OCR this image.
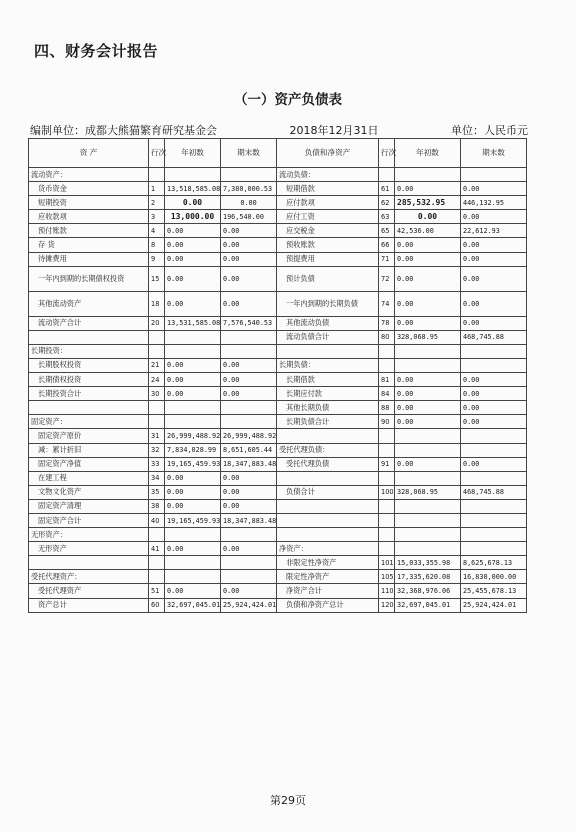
四、财务会计报告
（一）资产负债表
编制单位：成都大熊猫繁育研究基金会	2018年12月31日	单位：人民币元
资 产	行次	年初数	期末数	负债和净资产	行次	年初数	期末数
流动资产：				流动负债：			
货币资金	1	13,518,585.08	7,380,000.53	短期借款	61	0.00	0.00
短期投资	2	0.00	0.00	应付款项	62	285,532.95	446,132.95
应收款项	3	13,000.00	196,540.00	应付工资	63	0.00	0.00
预付账款	4	0.00	0.00	应交税金	65	42,536.00	22,612.93
存 货	8	0.00	0.00	预收账款	66	0.00	0.00
待摊费用	9	0.00	0.00	预提费用	71	0.00	0.00
一年内到期的长期债权投资	15	0.00	0.00	预计负债	72	0.00	0.00
其他流动资产	18	0.00	0.00	一年内到期的长期负债	74	0.00	0.00
流动资产合计	20	13,531,585.08	7,576,540.53	其他流动负债	78	0.00	0.00
				流动负债合计	80	328,068.95	468,745.88
长期投资：							
长期股权投资	21	0.00	0.00	长期负债：			
长期债权投资	24	0.00	0.00	长期借款	81	0.00	0.00
长期投资合计	30	0.00	0.00	长期应付款	84	0.00	0.00
				其他长期负债	88	0.00	0.00
固定资产：				长期负债合计	90	0.00	0.00
固定资产原价	31	26,999,488.92	26,999,488.92				
减：累计折旧	32	7,834,028.99	8,651,605.44	受托代理负债：			
固定资产净值	33	19,165,459.93	18,347,883.48	受托代理负债	91	0.00	0.00
在建工程	34	0.00	0.00				
文物文化资产	35	0.00	0.00	负债合计	100	328,068.95	468,745.88
固定资产清理	38	0.00	0.00				
固定资产合计	40	19,165,459.93	18,347,883.48				
无形资产：							
无形资产	41	0.00	0.00	净资产：			
				非限定性净资产	101	15,033,355.98	8,625,678.13
受托代理资产：				限定性净资产	105	17,335,620.08	16,830,000.00
受托代理资产	51	0.00	0.00	净资产合计	110	32,368,976.06	25,455,678.13
资产总计	60	32,697,045.01	25,924,424.01	负债和净资产总计	120	32,697,045.01	25,924,424.01
第29页
